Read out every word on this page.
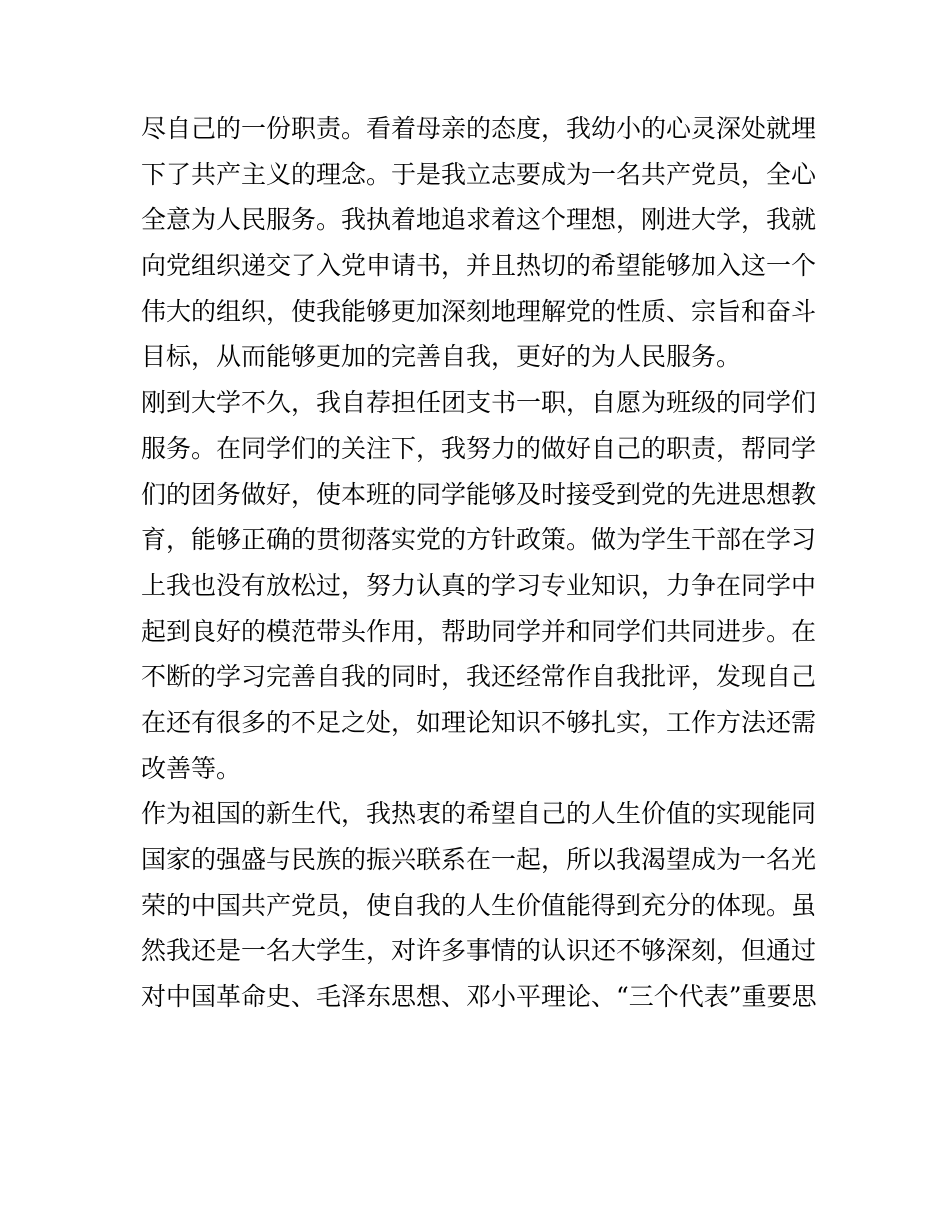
尽自己的一份职责。看着母亲的态度，我幼小的心灵深处就埋
下了共产主义的理念。于是我立志要成为一名共产党员，全心
全意为人民服务。我执着地追求着这个理想，刚进大学，我就
向党组织递交了入党申请书，并且热切的希望能够加入这一个
伟大的组织，使我能够更加深刻地理解党的性质、宗旨和奋斗
目标，从而能够更加的完善自我，更好的为人民服务。
刚到大学不久，我自荐担任团支书一职，自愿为班级的同学们
服务。在同学们的关注下，我努力的做好自己的职责，帮同学
们的团务做好，使本班的同学能够及时接受到党的先进思想教
育，能够正确的贯彻落实党的方针政策。做为学生干部在学习
上我也没有放松过，努力认真的学习专业知识，力争在同学中
起到良好的模范带头作用，帮助同学并和同学们共同进步。在
不断的学习完善自我的同时，我还经常作自我批评，发现自己
在还有很多的不足之处，如理论知识不够扎实，工作方法还需
改善等。
作为祖国的新生代，我热衷的希望自己的人生价值的实现能同
国家的强盛与民族的振兴联系在一起，所以我渴望成为一名光
荣的中国共产党员，使自我的人生价值能得到充分的体现。虽
然我还是一名大学生，对许多事情的认识还不够深刻，但通过
对中国革命史、毛泽东思想、邓小平理论、“三个代表”重要思
